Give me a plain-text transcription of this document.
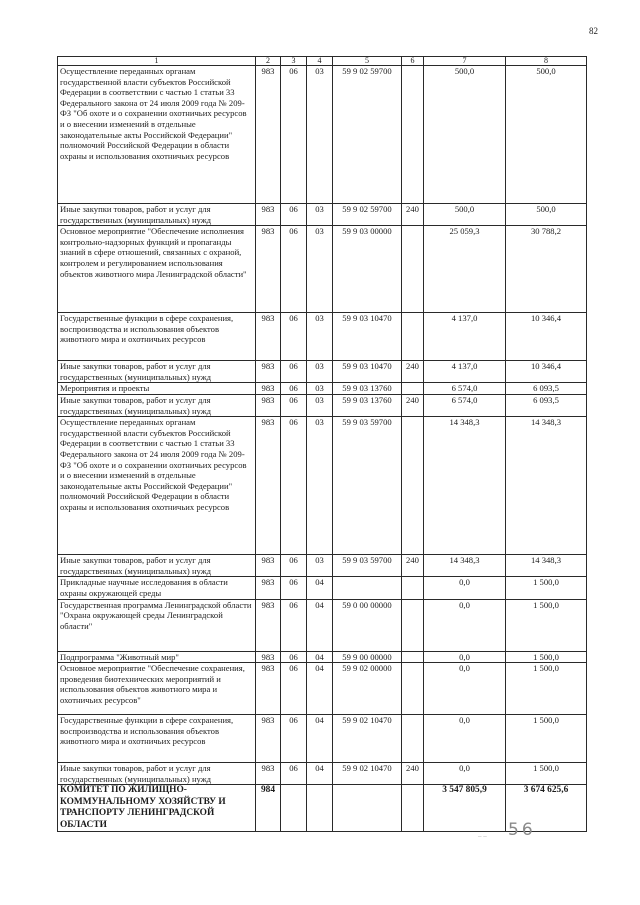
82
1	2	3	4	5	6	7	8
Осуществление переданных органам государственной власти субъектов Российской Федерации в соответствии с частью 1 статьи 33 Федерального закона от 24 июля 2009 года № 209-ФЗ "Об охоте и о сохранении охотничьих ресурсов и о внесении изменений в отдельные законодательные акты Российской Федерации" полномочий Российской Федерации в области охраны и использования охотничьих ресурсов	983	06	03	59 9 02 59700		500,0	500,0
Иные закупки товаров, работ и услуг для государственных (муниципальных) нужд	983	06	03	59 9 02 59700	240	500,0	500,0
Основное мероприятие "Обеспечение исполнения контрольно-надзорных функций и пропаганды знаний в сфере отношений, связанных с охраной, контролем и регулированием использования объектов животного мира Ленинградской области"	983	06	03	59 9 03 00000		25 059,3	30 788,2
Государственные функции в сфере сохранения, воспроизводства и использования объектов животного мира и охотничьих ресурсов	983	06	03	59 9 03 10470		4 137,0	10 346,4
Иные закупки товаров, работ и услуг для государственных (муниципальных) нужд	983	06	03	59 9 03 10470	240	4 137,0	10 346,4
Мероприятия и проекты	983	06	03	59 9 03 13760		6 574,0	6 093,5
Иные закупки товаров, работ и услуг для государственных (муниципальных) нужд	983	06	03	59 9 03 13760	240	6 574,0	6 093,5
Осуществление переданных органам государственной власти субъектов Российской Федерации в соответствии с частью 1 статьи 33 Федерального закона от 24 июля 2009 года № 209-ФЗ "Об охоте и о сохранении охотничьих ресурсов и о внесении изменений в отдельные законодательные акты Российской Федерации" полномочий Российской Федерации в области охраны и использования охотничьих ресурсов	983	06	03	59 9 03 59700		14 348,3	14 348,3
Иные закупки товаров, работ и услуг для государственных (муниципальных) нужд	983	06	03	59 9 03 59700	240	14 348,3	14 348,3
Прикладные научные исследования в области охраны окружающей среды	983	06	04			0,0	1 500,0
Государственная программа Ленинградской области "Охрана окружающей среды Ленинградской области"	983	06	04	59 0 00 00000		0,0	1 500,0
Подпрограмма "Животный мир"	983	06	04	59 9 00 00000		0,0	1 500,0
Основное мероприятие "Обеспечение сохранения, проведения биотехнических мероприятий и использования объектов животного мира и охотничьих ресурсов"	983	06	04	59 9 02 00000		0,0	1 500,0
Государственные функции в сфере сохранения, воспроизводства и использования объектов животного мира и охотничьих ресурсов	983	06	04	59 9 02 10470		0,0	1 500,0
Иные закупки товаров, работ и услуг для государственных (муниципальных) нужд	983	06	04	59 9 02 10470	240	0,0	1 500,0
КОМИТЕТ ПО ЖИЛИЩНО-КОММУНАЛЬНОМУ ХОЗЯЙСТВУ И ТРАНСПОРТУ ЛЕНИНГРАДСКОЙ ОБЛАСТИ	984					3 547 805,9	3 674 625,6
‒ ‒ 56
